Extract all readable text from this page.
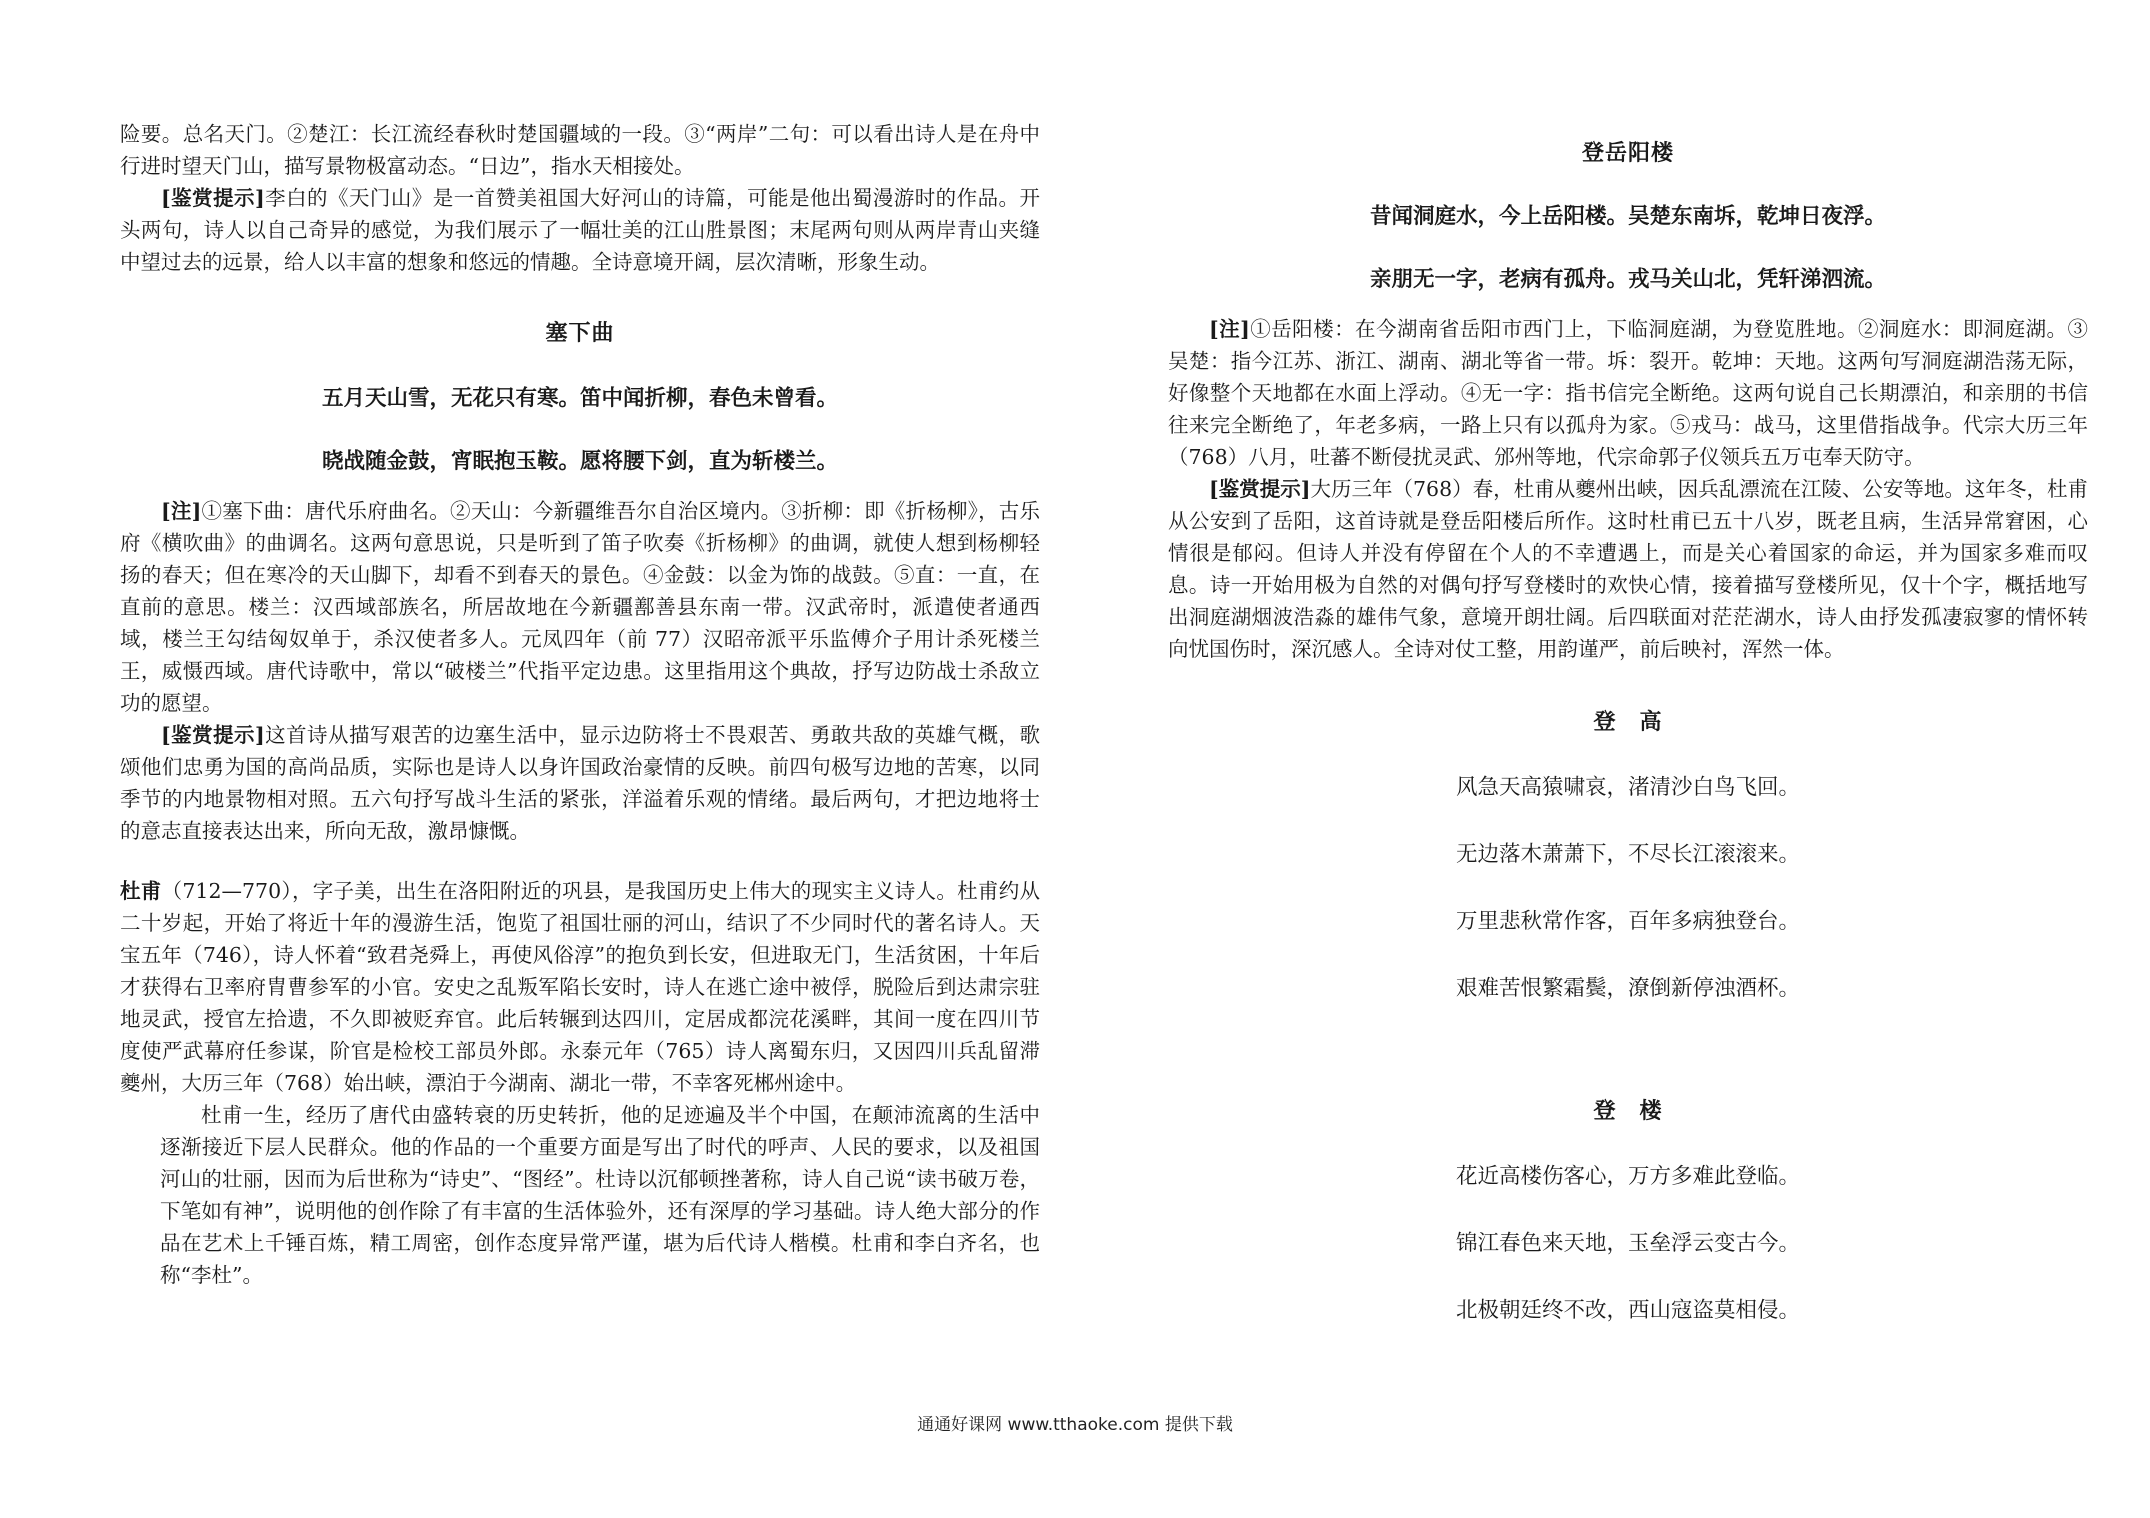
险要。总名天门。②楚江：长江流经春秋时楚国疆域的一段。③“两岸”二句：可以看出诗人是在舟中行进时望天门山，描写景物极富动态。“日边”，指水天相接处。

[鉴赏提示]李白的《天门山》是一首赞美祖国大好河山的诗篇，可能是他出蜀漫游时的作品。开头两句，诗人以自己奇异的感觉，为我们展示了一幅壮美的江山胜景图；末尾两句则从两岸青山夹缝中望过去的远景，给人以丰富的想象和悠远的情趣。全诗意境开阔，层次清晰，形象生动。

塞下曲

五月天山雪，无花只有寒。笛中闻折柳，春色未曾看。

晓战随金鼓，宵眠抱玉鞍。愿将腰下剑，直为斩楼兰。

[注]①塞下曲：唐代乐府曲名。②天山：今新疆维吾尔自治区境内。③折柳：即《折杨柳》，古乐府《横吹曲》的曲调名。这两句意思说，只是听到了笛子吹奏《折杨柳》的曲调，就使人想到杨柳轻扬的春天；但在寒冷的天山脚下，却看不到春天的景色。④金鼓：以金为饰的战鼓。⑤直：一直，在直前的意思。楼兰：汉西域部族名，所居故地在今新疆鄯善县东南一带。汉武帝时，派遣使者通西域，楼兰王勾结匈奴单于，杀汉使者多人。元凤四年（前 77）汉昭帝派平乐监傅介子用计杀死楼兰王，威慑西域。唐代诗歌中，常以“破楼兰”代指平定边患。这里指用这个典故，抒写边防战士杀敌立功的愿望。

[鉴赏提示]这首诗从描写艰苦的边塞生活中，显示边防将士不畏艰苦、勇敢共敌的英雄气概，歌颂他们忠勇为国的高尚品质，实际也是诗人以身许国政治豪情的反映。前四句极写边地的苦寒，以同季节的内地景物相对照。五六句抒写战斗生活的紧张，洋溢着乐观的情绪。最后两句，才把边地将士的意志直接表达出来，所向无敌，激昂慷慨。

杜甫（712—770），字子美，出生在洛阳附近的巩县，是我国历史上伟大的现实主义诗人。杜甫约从二十岁起，开始了将近十年的漫游生活，饱览了祖国壮丽的河山，结识了不少同时代的著名诗人。天宝五年（746），诗人怀着“致君尧舜上，再使风俗淳”的抱负到长安，但进取无门，生活贫困，十年后才获得右卫率府胄曹参军的小官。安史之乱叛军陷长安时，诗人在逃亡途中被俘，脱险后到达肃宗驻地灵武，授官左拾遗，不久即被贬弃官。此后转辗到达四川，定居成都浣花溪畔，其间一度在四川节度使严武幕府任参谋，阶官是检校工部员外郎。永泰元年（765）诗人离蜀东归，又因四川兵乱留滞夔州，大历三年（768）始出峡，漂泊于今湖南、湖北一带，不幸客死郴州途中。

杜甫一生，经历了唐代由盛转衰的历史转折，他的足迹遍及半个中国，在颠沛流离的生活中逐渐接近下层人民群众。他的作品的一个重要方面是写出了时代的呼声、人民的要求，以及祖国河山的壮丽，因而为后世称为“诗史”、“图经”。杜诗以沉郁顿挫著称，诗人自己说“读书破万卷，下笔如有神”，说明他的创作除了有丰富的生活体验外，还有深厚的学习基础。诗人绝大部分的作品在艺术上千锤百炼，精工周密，创作态度异常严谨，堪为后代诗人楷模。杜甫和李白齐名，也称“李杜”。

登岳阳楼

昔闻洞庭水，今上岳阳楼。吴楚东南坼，乾坤日夜浮。

亲朋无一字，老病有孤舟。戎马关山北，凭轩涕泗流。

[注]①岳阳楼：在今湖南省岳阳市西门上，下临洞庭湖，为登览胜地。②洞庭水：即洞庭湖。③吴楚：指今江苏、浙江、湖南、湖北等省一带。坼：裂开。乾坤：天地。这两句写洞庭湖浩荡无际，好像整个天地都在水面上浮动。④无一字：指书信完全断绝。这两句说自己长期漂泊，和亲朋的书信往来完全断绝了，年老多病，一路上只有以孤舟为家。⑤戎马：战马，这里借指战争。代宗大历三年（768）八月，吐蕃不断侵扰灵武、邠州等地，代宗命郭子仪领兵五万屯奉天防守。

[鉴赏提示]大历三年（768）春，杜甫从夔州出峡，因兵乱漂流在江陵、公安等地。这年冬，杜甫从公安到了岳阳，这首诗就是登岳阳楼后所作。这时杜甫已五十八岁，既老且病，生活异常窘困，心情很是郁闷。但诗人并没有停留在个人的不幸遭遇上，而是关心着国家的命运，并为国家多难而叹息。诗一开始用极为自然的对偶句抒写登楼时的欢快心情，接着描写登楼所见，仅十个字，概括地写出洞庭湖烟波浩淼的雄伟气象，意境开朗壮阔。后四联面对茫茫湖水，诗人由抒发孤凄寂寥的情怀转向忧国伤时，深沉感人。全诗对仗工整，用韵谨严，前后映衬，浑然一体。

登　高

风急天高猿啸哀，渚清沙白鸟飞回。

无边落木萧萧下，不尽长江滚滚来。

万里悲秋常作客，百年多病独登台。

艰难苦恨繁霜鬓，潦倒新停浊酒杯。

登　楼

花近高楼伤客心，万方多难此登临。

锦江春色来天地，玉垒浮云变古今。

北极朝廷终不改，西山寇盗莫相侵。

通通好课网 www.tthaoke.com 提供下载
